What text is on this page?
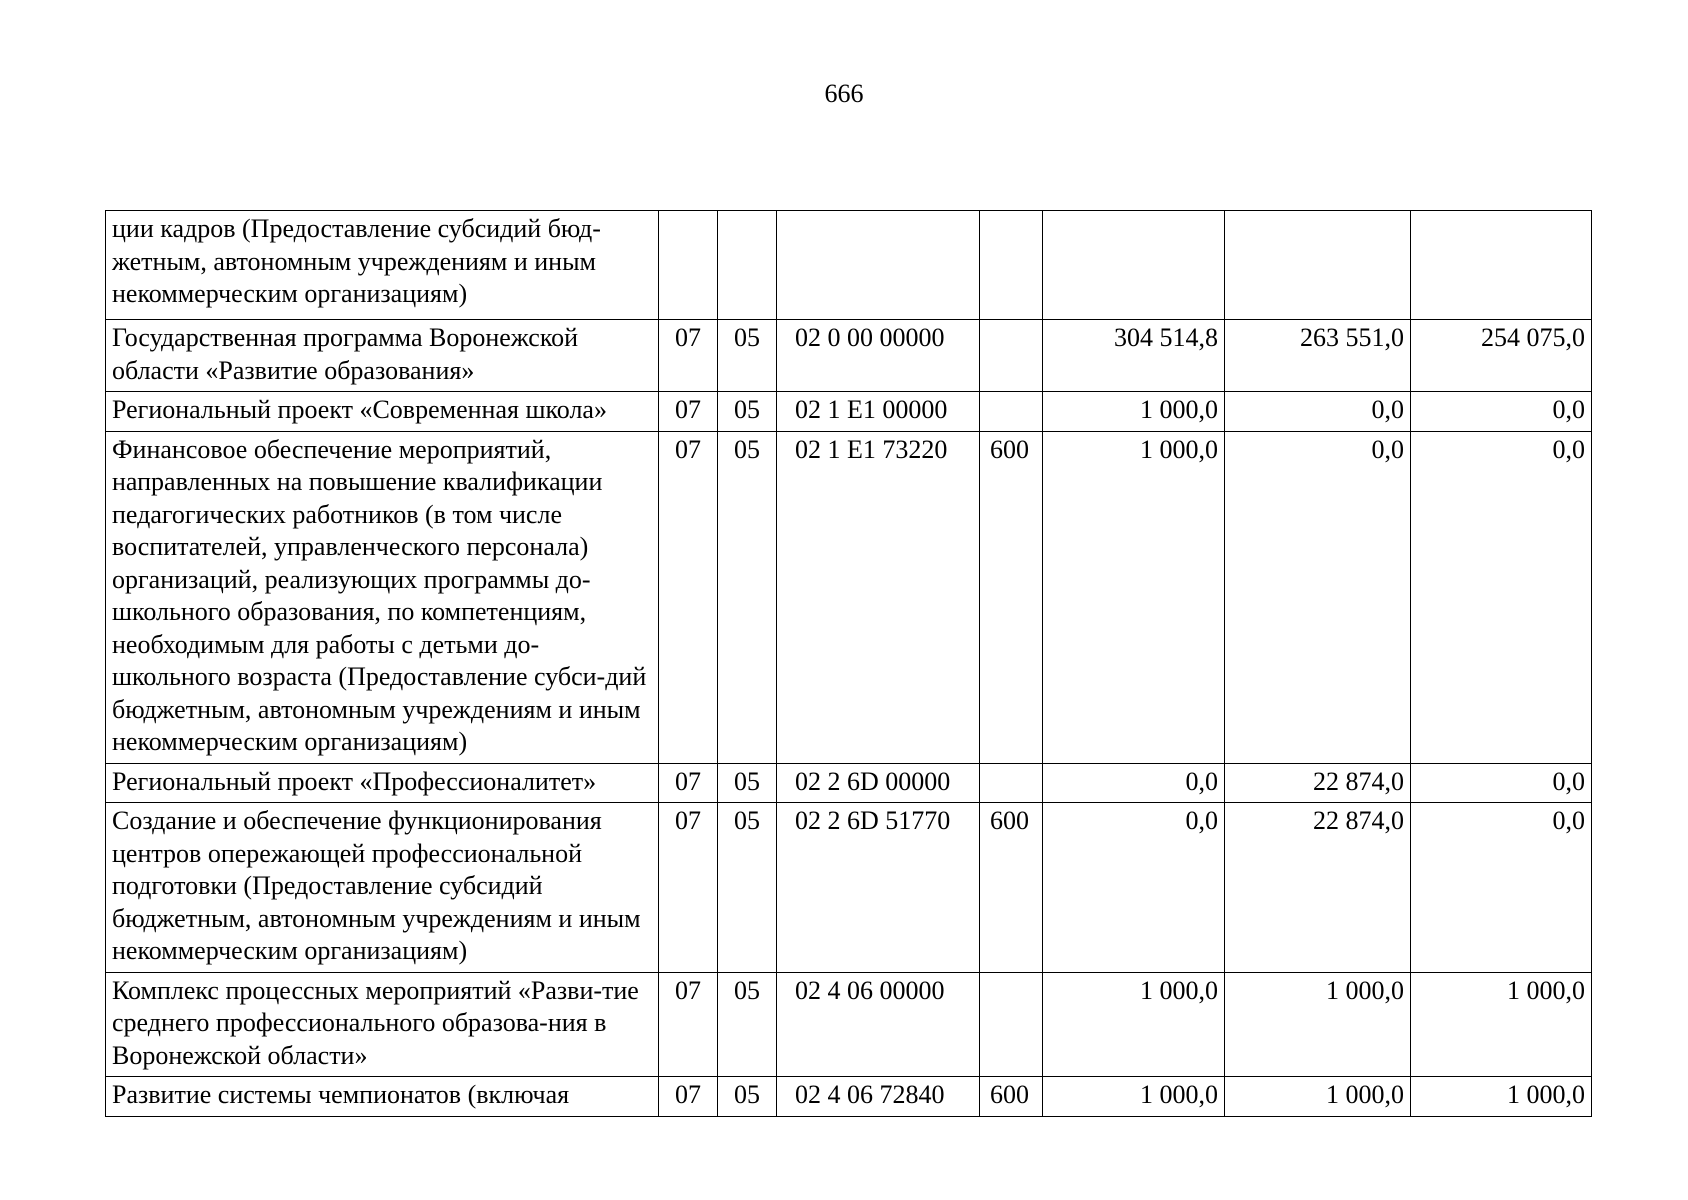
666
ции кадров (Предоставление субсидий бюд-жетным, автономным учреждениям и иным некоммерческим организациям)							
Государственная программа Воронежской области «Развитие образования»	07	05	02 0 00 00000		304 514,8	263 551,0	254 075,0
Региональный проект «Современная школа»	07	05	02 1 E1 00000		1 000,0	0,0	0,0
Финансовое обеспечение мероприятий, направленных на повышение квалификации педагогических работников (в том числе воспитателей, управленческого персонала) организаций, реализующих программы до-школьного образования, по компетенциям, необходимым для работы с детьми до-школьного возраста (Предоставление субси-дий бюджетным, автономным учреждениям и иным некоммерческим организациям)	07	05	02 1 E1 73220	600	1 000,0	0,0	0,0
Региональный проект «Профессионалитет»	07	05	02 2 6D 00000		0,0	22 874,0	0,0
Создание и обеспечение функционирования центров опережающей профессиональной подготовки (Предоставление субсидий бюджетным, автономным учреждениям и иным некоммерческим организациям)	07	05	02 2 6D 51770	600	0,0	22 874,0	0,0
Комплекс процессных мероприятий «Разви-тие среднего профессионального образова-ния в Воронежской области»	07	05	02 4 06 00000		1 000,0	1 000,0	1 000,0
Развитие системы чемпионатов (включая	07	05	02 4 06 72840	600	1 000,0	1 000,0	1 000,0
